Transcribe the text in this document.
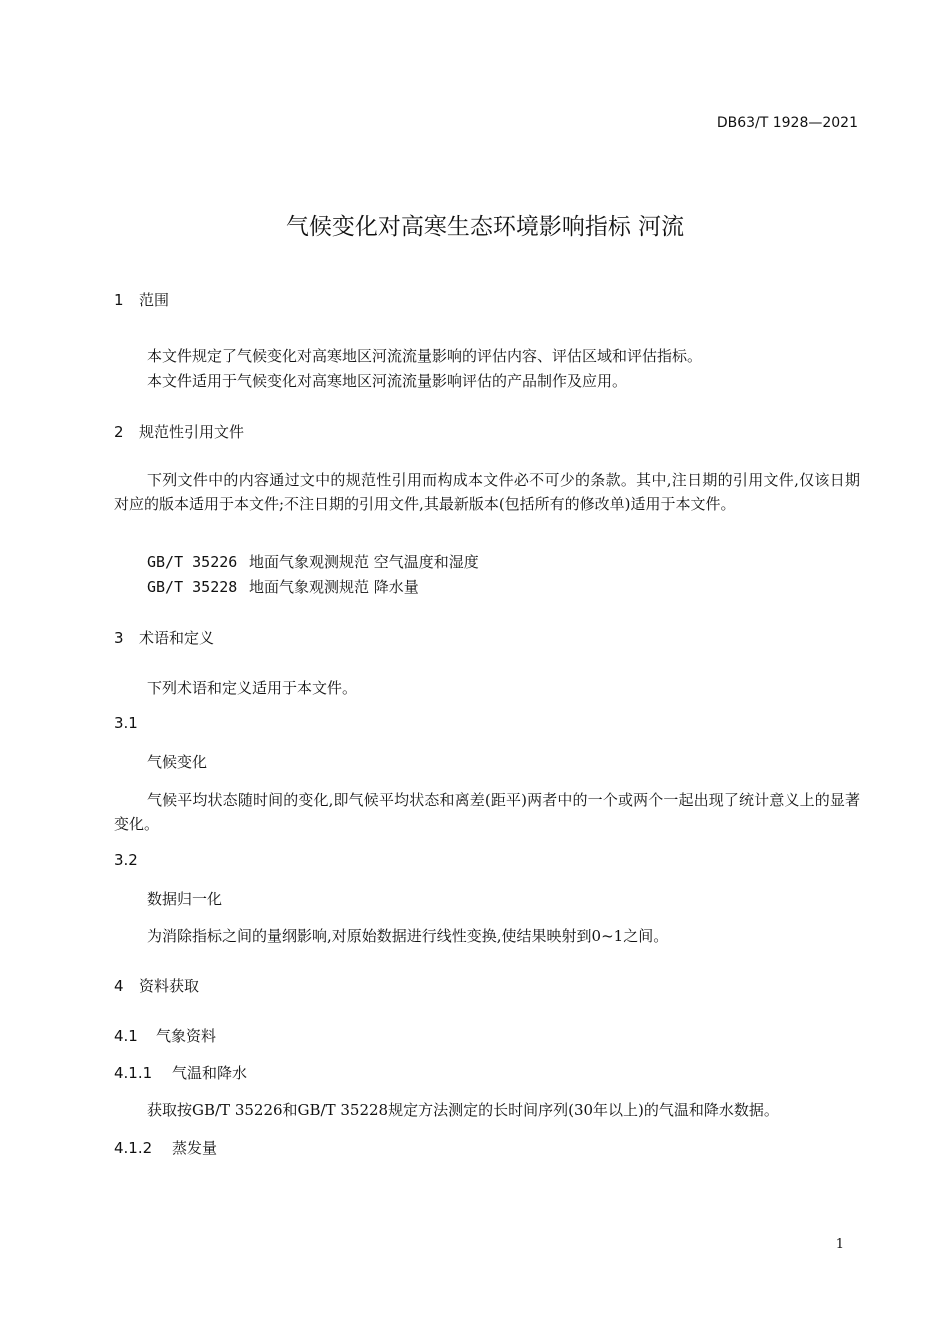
DB63/T 1928—2021
气候变化对高寒生态环境影响指标 河流
1 范围
本文件规定了气候变化对高寒地区河流流量影响的评估内容、评估区域和评估指标。
本文件适用于气候变化对高寒地区河流流量影响评估的产品制作及应用。
2 规范性引用文件
下列文件中的内容通过文中的规范性引用而构成本文件必不可少的条款。其中,注日期的引用文件,仅该日期对应的版本适用于本文件;不注日期的引用文件,其最新版本(包括所有的修改单)适用于本文件。
GB/T 35226 地面气象观测规范 空气温度和湿度
GB/T 35228 地面气象观测规范 降水量
3 术语和定义
下列术语和定义适用于本文件。
3.1
气候变化
气候平均状态随时间的变化,即气候平均状态和离差(距平)两者中的一个或两个一起出现了统计意义上的显著变化。
3.2
数据归一化
为消除指标之间的量纲影响,对原始数据进行线性变换,使结果映射到0~1之间。
4 资料获取
4.1 气象资料
4.1.1 气温和降水
获取按GB/T 35226和GB/T 35228规定方法测定的长时间序列(30年以上)的气温和降水数据。
4.1.2 蒸发量
1
